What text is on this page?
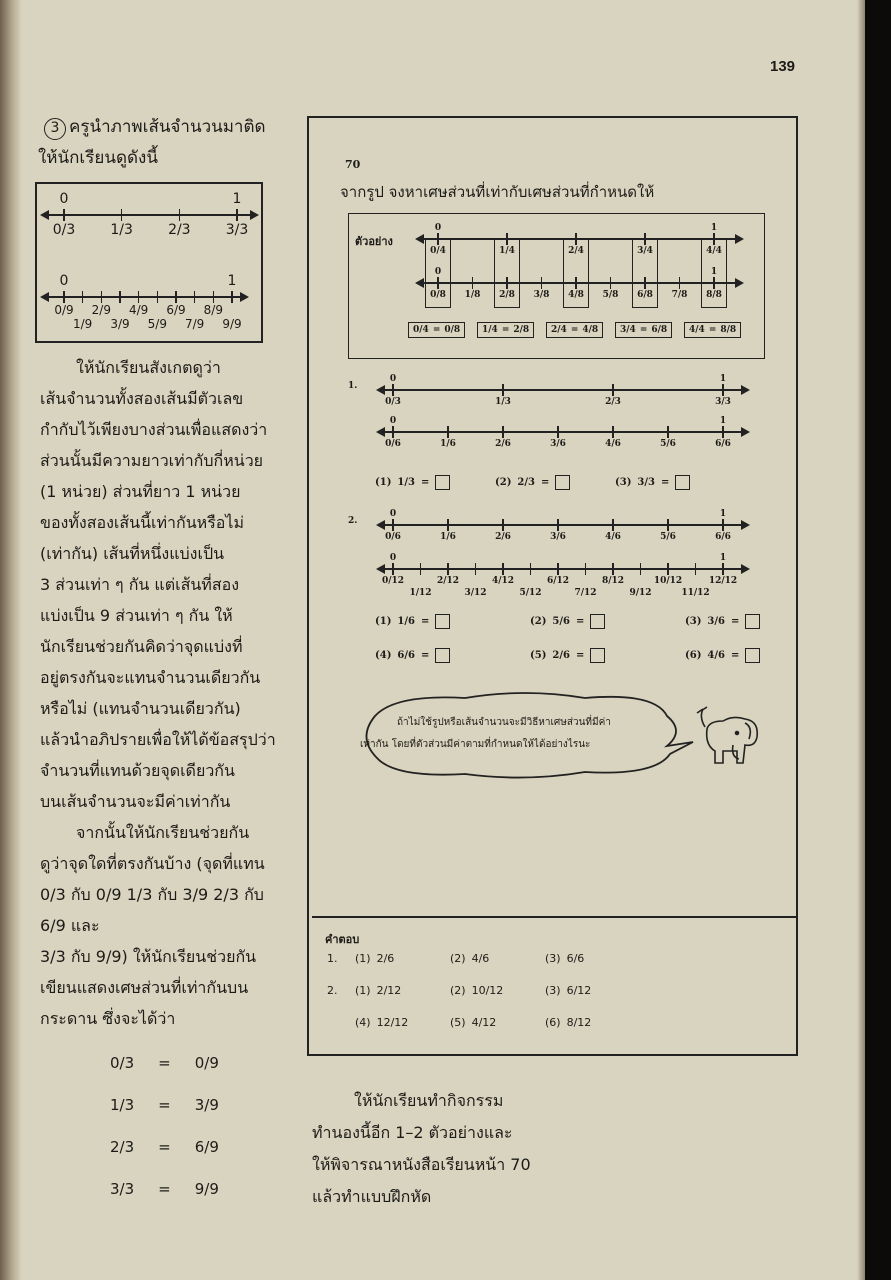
139
3 ครูนำภาพเส้นจำนวนมาติด
ให้นักเรียนดูดังนี้
0/3	1/3	2/3	3/3
0	1
0/9
1/9
2/9
3/9
4/9
5/9
6/9
7/9
8/9
9/9
0	1
ให้นักเรียนสังเกตดูว่า
เส้นจำนวนทั้งสองเส้นมีตัวเลข
กำกับไว้เพียงบางส่วนเพื่อแสดงว่า
ส่วนนั้นมีความยาวเท่ากับกี่หน่วย
(1 หน่วย) ส่วนที่ยาว 1 หน่วย
ของทั้งสองเส้นนี้เท่ากันหรือไม่
(เท่ากัน) เส้นที่หนึ่งแบ่งเป็น
3 ส่วนเท่า ๆ กัน แต่เส้นที่สอง
แบ่งเป็น 9 ส่วนเท่า ๆ กัน ให้
นักเรียนช่วยกันคิดว่าจุดแบ่งที่
อยู่ตรงกันจะแทนจำนวนเดียวกัน
หรือไม่ (แทนจำนวนเดียวกัน)
แล้วนำอภิปรายเพื่อให้ได้ข้อสรุปว่า
จำนวนที่แทนด้วยจุดเดียวกัน
บนเส้นจำนวนจะมีค่าเท่ากัน
จากนั้นให้นักเรียนช่วยกัน
ดูว่าจุดใดที่ตรงกันบ้าง (จุดที่แทน
0/3 กับ 0/9 1/3 กับ 3/9 2/3 กับ 6/9 และ
3/3 กับ 9/9) ให้นักเรียนช่วยกัน
เขียนแสดงเศษส่วนที่เท่ากันบน
กระดาน ซึ่งจะได้ว่า
0/3 = 0/9
1/3 = 3/9
2/3 = 6/9
3/3 = 9/9
ให้นักเรียนทำกิจกรรม
ทำนองนี้อีก 1–2 ตัวอย่างและ
ให้พิจารณาหนังสือเรียนหน้า 70
แล้วทำแบบฝึกหัด
70
จากรูป จงหาเศษส่วนที่เท่ากับเศษส่วนที่กำหนดให้
ตัวอย่าง
0/4	1/4	2/4	3/4	4/4
0	1
0/8 1/8 2/8 3/8 4/8 5/8 6/8 7/8 8/8
0	1
0/4 = 0/8 1/4 = 2/8 2/4 = 4/8 3/4 = 6/8 4/4 = 8/8
1.
0/3	1/3	2/3	3/3
0	1
0/6	1/6	2/6	3/6	4/6	5/6	6/6
0	1
(1) 1/3 =	(2) 2/3 =	(3) 3/3 =
2.
0/6	1/6	2/6	3/6	4/6	5/6	6/6
0	1
0/12
1/12
2/12
3/12
4/12
5/12
6/12
7/12
8/12
9/12
10/12
11/12
12/12
0	1
(1) 1/6 =	(2) 5/6 =	(3) 3/6 =
(4) 6/6 =	(5) 2/6 =	(6) 4/6 =
ถ้าไม่ใช้รูปหรือเส้นจำนวนจะมีวิธีหาเศษส่วนที่มีค่า
เท่ากัน โดยที่ตัวส่วนมีค่าตามที่กำหนดให้ได้อย่างไรนะ
คำตอบ
1. (1) 2/6	(2) 4/6	(3) 6/6
2. (1) 2/12	(2) 10/12	(3) 6/12
(4) 12/12	(5) 4/12	(6) 8/12
